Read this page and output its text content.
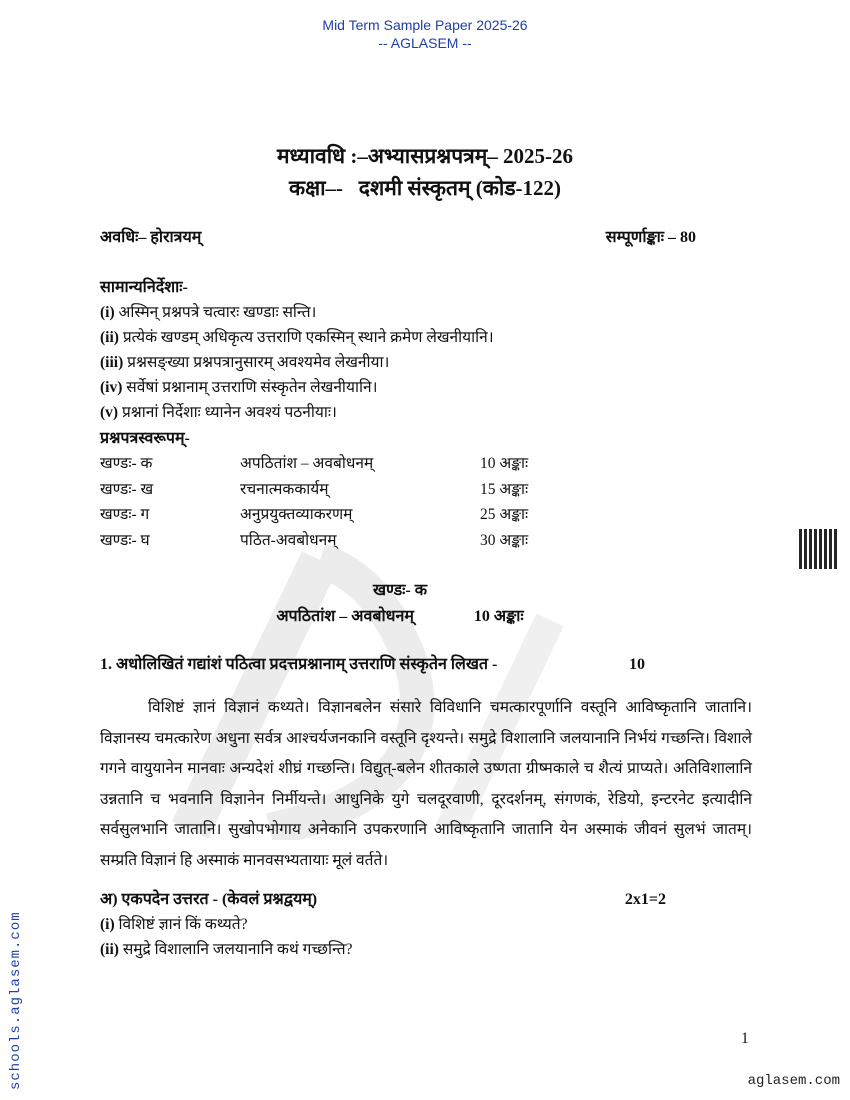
Mid Term Sample Paper 2025-26
-- AGLASEM --
मध्यावधि :–अभ्यासप्रश्नपत्रम्– 2025-26
कक्षा–-   दशमी संस्कृतम् (कोड-122)
अवधिः– होरात्रयम्	सम्पूर्णाङ्काः – 80
सामान्यनिर्देशाः-
(i) अस्मिन् प्रश्नपत्रे चत्वारः खण्डाः सन्ति।
(ii) प्रत्येकं खण्डम् अधिकृत्य उत्तराणि एकस्मिन् स्थाने क्रमेण लेखनीयानि।
(iii) प्रश्नसङ्ख्या प्रश्नपत्रानुसारम् अवश्यमेव लेखनीया।
(iv) सर्वेषां प्रश्नानाम् उत्तराणि संस्कृतेन लेखनीयानि।
(v) प्रश्नानां निर्देशाः ध्यानेन अवश्यं पठनीयाः।
प्रश्नपत्रस्वरूपम्-
खण्डः- क	अपठितांश – अवबोधनम्	10 अङ्काः
खण्डः- ख	रचनात्मककार्यम्	15 अङ्काः
खण्डः- ग	अनुप्रयुक्तव्याकरणम्	25 अङ्काः
खण्डः- घ	पठित-अवबोधनम्	30 अङ्काः
खण्डः- क
अपठितांश – अवबोधनम्	10 अङ्काः
1. अधोलिखितं गद्यांशं पठित्वा प्रदत्तप्रश्नानाम् उत्तराणि संस्कृतेन लिखत -	10
विशिष्टं ज्ञानं विज्ञानं कथ्यते। विज्ञानबलेन संसारे विविधानि चमत्कारपूर्णानि वस्तूनि आविष्कृतानि जातानि। विज्ञानस्य चमत्कारेण अधुना सर्वत्र आश्चर्यजनकानि वस्तूनि दृश्यन्ते। समुद्रे विशालानि जलयानानि निर्भयं गच्छन्ति। विशाले गगने वायुयानेन मानवाः अन्यदेशं शीघ्रं गच्छन्ति। विद्युत्-बलेन शीतकाले उष्णता ग्रीष्मकाले च शैत्यं प्राप्यते। अतिविशालानि उन्नतानि च भवनानि विज्ञानेन निर्मीयन्ते। आधुनिके युगे चलदूरवाणी, दूरदर्शनम्, संगणकं, रेडियो, इन्टरनेट इत्यादीनि सर्वसुलभानि जातानि। सुखोपभोगाय अनेकानि उपकरणानि आविष्कृतानि जातानि येन अस्माकं जीवनं सुलभं जातम्। सम्प्रति विज्ञानं हि अस्माकं मानवसभ्यतायाः मूलं वर्तते।
अ) एकपदेन उत्तरत - (केवलं प्रश्नद्वयम्)	2x1=2
(i) विशिष्टं ज्ञानं किं कथ्यते?
(ii) समुद्रे विशालानि जलयानानि कथं गच्छन्ति?
1
schools.aglasem.com	aglasem.com
